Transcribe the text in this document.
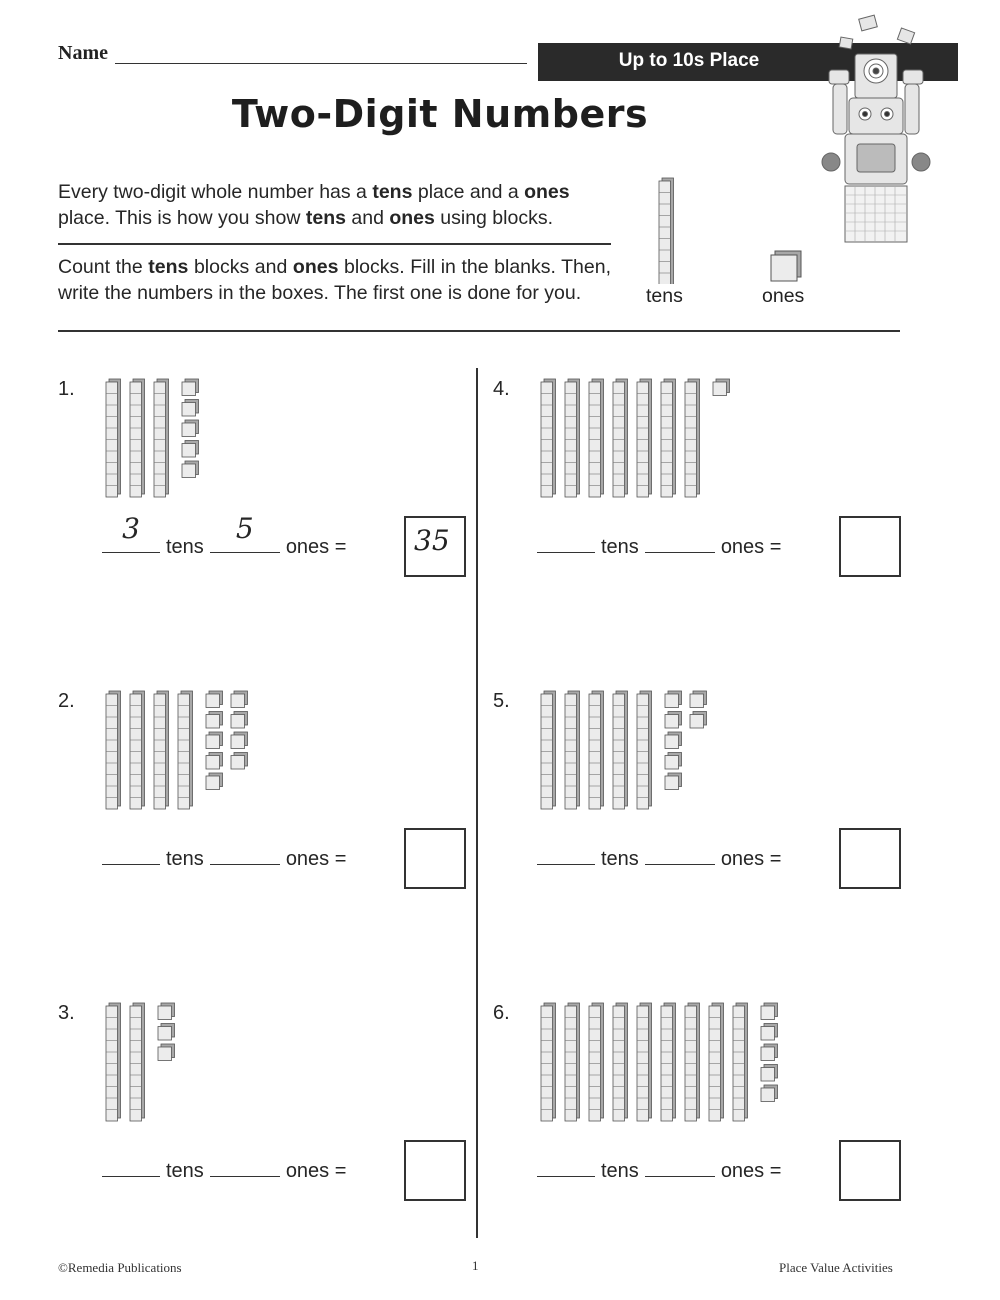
Name	Up to 10s Place
Two-Digit Numbers
Every two-digit whole number has a tens place and a ones place. This is how you show tens and ones using blocks.
Count the tens blocks and ones blocks. Fill in the blanks. Then, write the numbers in the boxes. The first one is done for you.	tens	ones
1.
3
tens
5
ones = 35
2.
tens	ones =
3.
tens	ones =
4.
tens	ones =
5.
tens	ones =
6.
tens	ones =
©Remedia Publications	1	Place Value Activities
